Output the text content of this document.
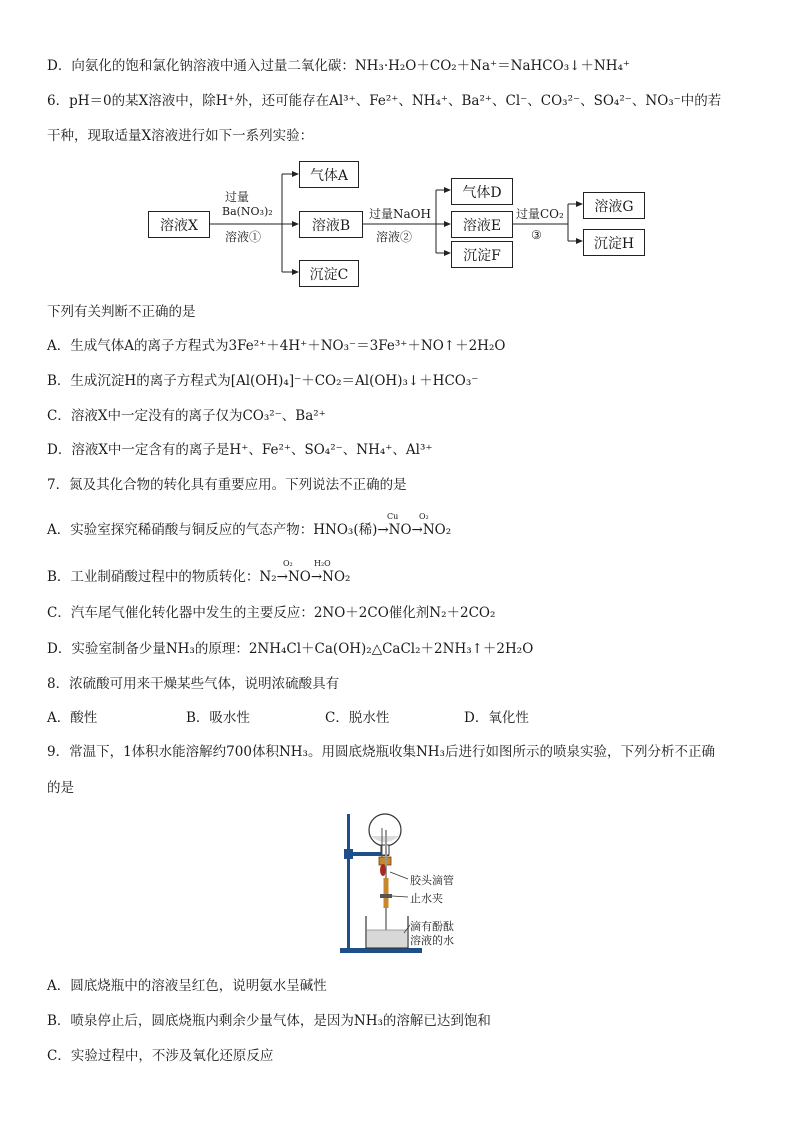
D．向氨化的饱和氯化钠溶液中通入过量二氧化碳：NH₃·H₂O＋CO₂＋Na⁺＝NaHCO₃↓＋NH₄⁺
6．pH＝0的某X溶液中，除H⁺外，还可能存在Al³⁺、Fe²⁺、NH₄⁺、Ba²⁺、Cl⁻、CO₃²⁻、SO₄²⁻、NO₃⁻中的若
干种，现取适量X溶液进行如下一系列实验：
溶液X
过量
Ba(NO₃)₂
溶液①
气体A
溶液B
沉淀C
过量NaOH
溶液②
气体D
溶液E
沉淀F
过量CO₂
③
溶液G
沉淀H
下列有关判断不正确的是
A．生成气体A的离子方程式为3Fe²⁺＋4H⁺＋NO₃⁻＝3Fe³⁺＋NO↑＋2H₂O
B．生成沉淀H的离子方程式为[Al(OH)₄]⁻＋CO₂＝Al(OH)₃↓＋HCO₃⁻
C．溶液X中一定没有的离子仅为CO₃²⁻、Ba²⁺
D．溶液X中一定含有的离子是H⁺、Fe²⁺、SO₄²⁻、NH₄⁺、Al³⁺
7．氮及其化合物的转化具有重要应用。下列说法不正确的是
Cu	O₂
A．实验室探究稀硝酸与铜反应的气态产物：HNO₃(稀)→NO→NO₂
O₂	H₂O
B．工业制硝酸过程中的物质转化：N₂→NO→NO₂
C．汽车尾气催化转化器中发生的主要反应：2NO＋2CO催化剂N₂＋2CO₂
D．实验室制备少量NH₃的原理：2NH₄Cl＋Ca(OH)₂△CaCl₂＋2NH₃↑＋2H₂O
8．浓硫酸可用来干燥某些气体，说明浓硫酸具有
A．酸性	B．吸水性	C．脱水性	D．氧化性
9．常温下，1体积水能溶解约700体积NH₃。用圆底烧瓶收集NH₃后进行如图所示的喷泉实验，下列分析不正确
的是
胶头滴管
止水夹
滴有酚酞
溶液的水
A．圆底烧瓶中的溶液呈红色，说明氨水呈碱性
B．喷泉停止后，圆底烧瓶内剩余少量气体，是因为NH₃的溶解已达到饱和
C．实验过程中，不涉及氧化还原反应
